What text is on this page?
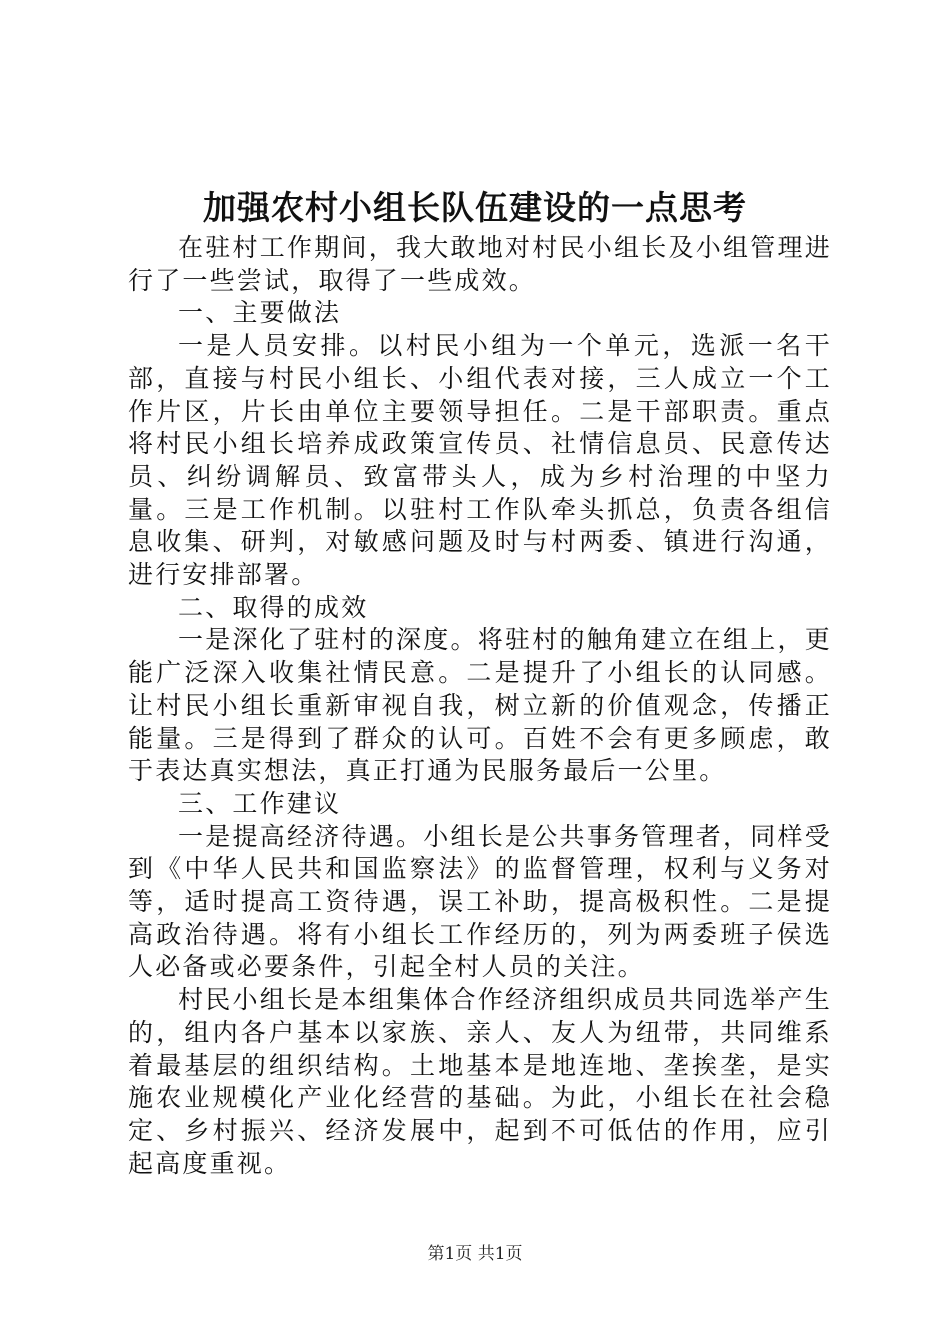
加强农村小组长队伍建设的一点思考

在驻村工作期间，我大敢地对村民小组长及小组管理进行了一些尝试，取得了一些成效。

一、主要做法

一是人员安排。以村民小组为一个单元，选派一名干部，直接与村民小组长、小组代表对接，三人成立一个工作片区，片长由单位主要领导担任。二是干部职责。重点将村民小组长培养成政策宣传员、社情信息员、民意传达员、纠纷调解员、致富带头人，成为乡村治理的中坚力量。三是工作机制。以驻村工作队牵头抓总，负责各组信息收集、研判，对敏感问题及时与村两委、镇进行沟通，进行安排部署。

二、取得的成效

一是深化了驻村的深度。将驻村的触角建立在组上，更能广泛深入收集社情民意。二是提升了小组长的认同感。让村民小组长重新审视自我，树立新的价值观念，传播正能量。三是得到了群众的认可。百姓不会有更多顾虑，敢于表达真实想法，真正打通为民服务最后一公里。

三、工作建议

一是提高经济待遇。小组长是公共事务管理者，同样受到《中华人民共和国监察法》的监督管理，权利与义务对等，适时提高工资待遇，误工补助，提高极积性。二是提高政治待遇。将有小组长工作经历的，列为两委班子侯选人必备或必要条件，引起全村人员的关注。

村民小组长是本组集体合作经济组织成员共同选举产生的，组内各户基本以家族、亲人、友人为纽带，共同维系着最基层的组织结构。土地基本是地连地、垄挨垄，是实施农业规模化产业化经营的基础。为此，小组长在社会稳定、乡村振兴、经济发展中，起到不可低估的作用，应引起高度重视。

第1页 共1页
